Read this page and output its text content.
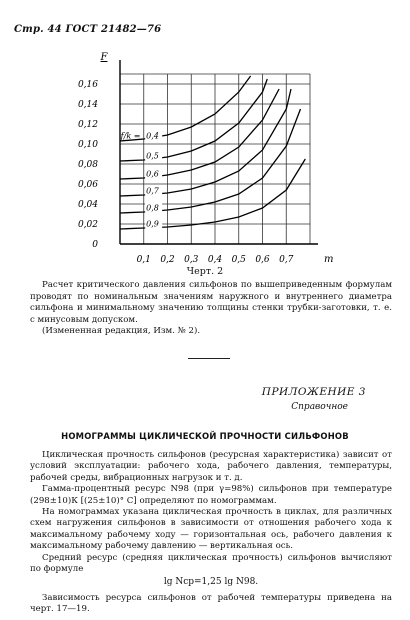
Стр. 44 ГОСТ 21482—76
0
0,02
0,04
0,06
0,08
0,10
0,12
0,14
0,16
0,1 0,2 0,3 0,4 0,5 0,6 0,7
F
m
0,4
0,5
0,6
0,7
0,8
0,9
f/k =
Черт. 2
Расчет критического давления сильфонов по вышеприведенным формулам проводят по номинальным значениям наружного и внутреннего диаметра сильфона и минимальному значению толщины стенки трубки-заготовки, т. е. с минусовым допуском.
(Измененная редакция, Изм. № 2).
ПРИЛОЖЕНИЕ 3
Справочное
НОМОГРАММЫ ЦИКЛИЧЕСКОЙ ПРОЧНОСТИ СИЛЬФОНОВ

Циклическая прочность сильфонов (ресурсная характеристика) зависит от условий эксплуатации: рабочего хода, рабочего давления, температуры, рабочей среды, вибрационных нагрузок и т. д.

Гамма-процентный ресурс N98 (при γ=98%) сильфонов при температуре (298±10)К [(25±10)° С] определяют по номограммам.

На номограммах указана циклическая прочность в циклах, для различных схем нагружения сильфонов в зависимости от отношения рабочего хода к максимальному рабочему ходу — горизонтальная ось, рабочего давления к максимальному рабочему давлению — вертикальная ось.

Средний ресурс (средняя циклическая прочность) сильфонов вычисляют по формуле

lg Nср=1,25 lg N98.

Зависимость ресурса сильфонов от рабочей температуры приведена на черт. 17—19.
